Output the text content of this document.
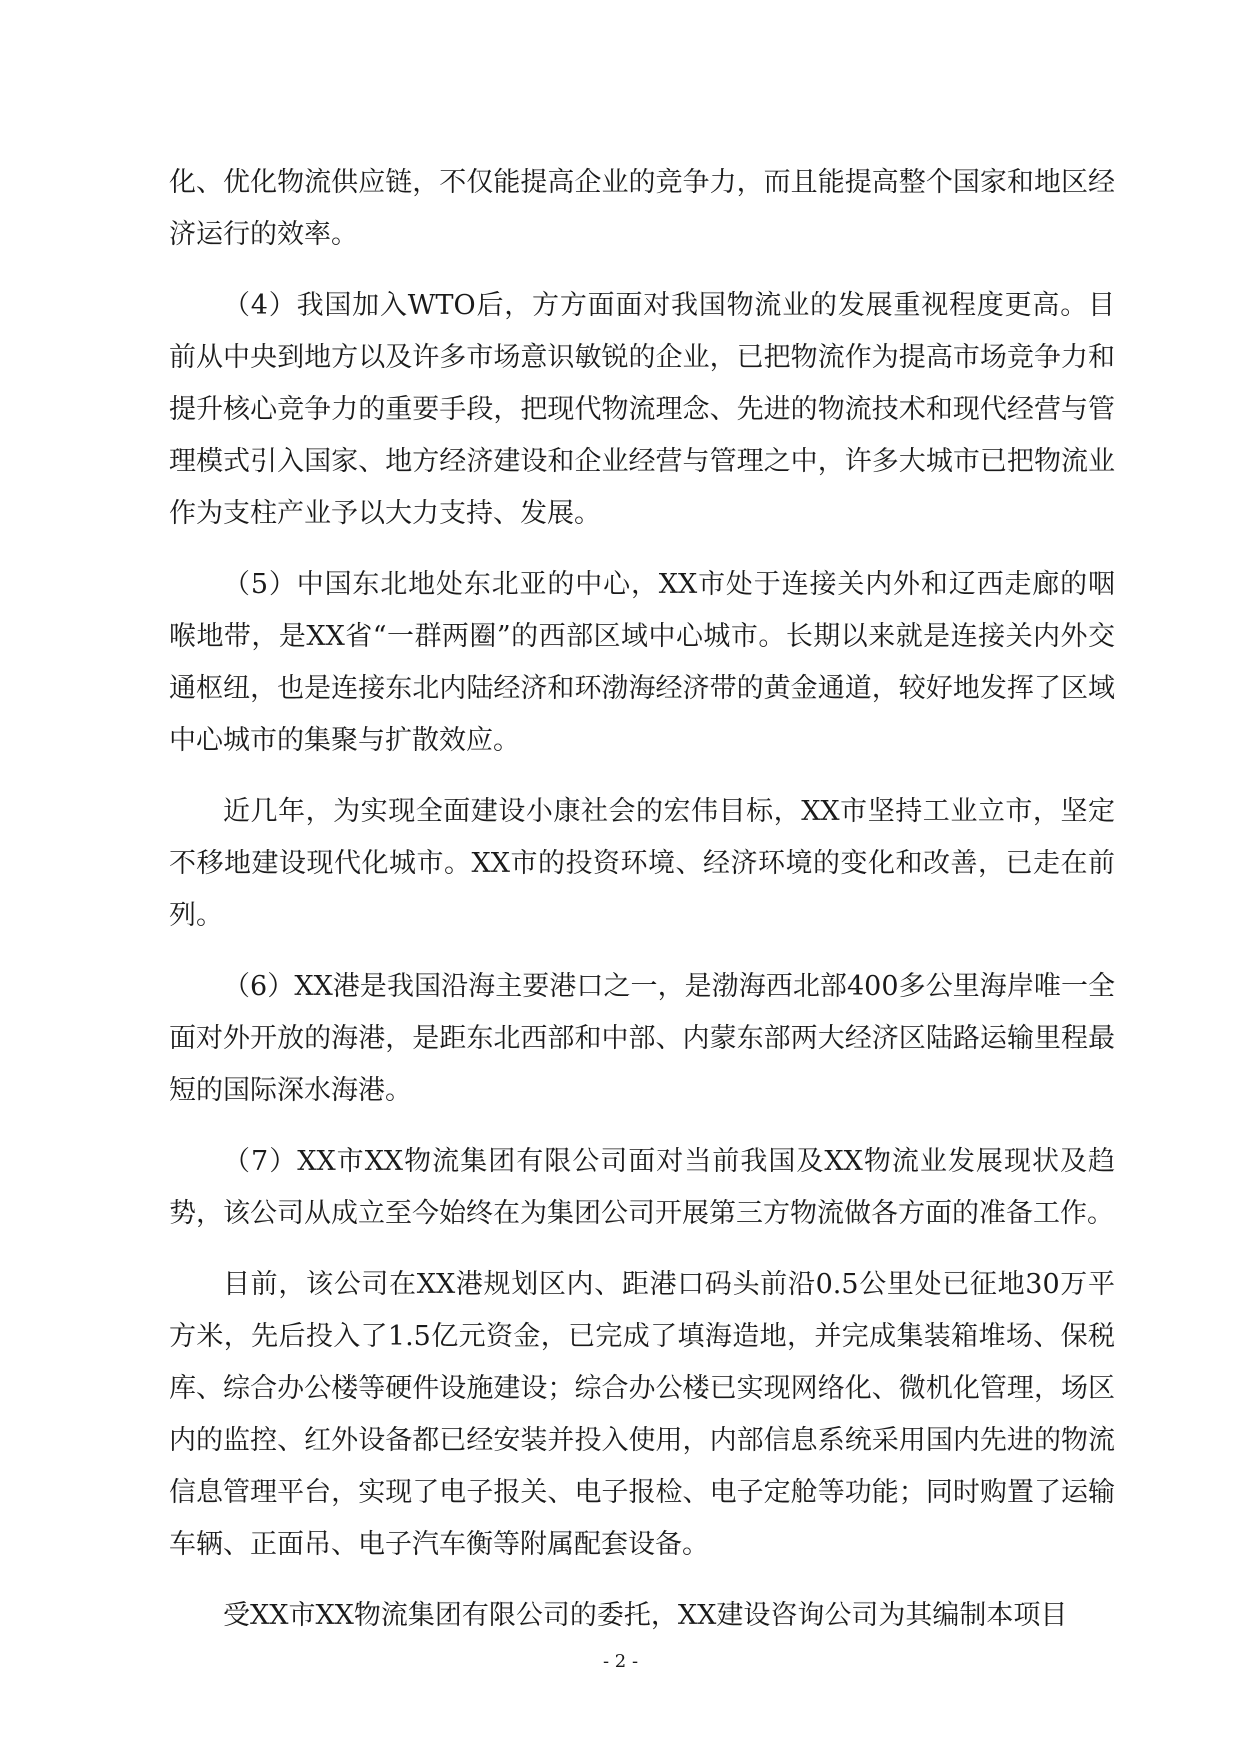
化、优化物流供应链，不仅能提高企业的竞争力，而且能提高整个国家和地区经济运行的效率。

（4）我国加入WTO后，方方面面对我国物流业的发展重视程度更高。目前从中央到地方以及许多市场意识敏锐的企业，已把物流作为提高市场竞争力和提升核心竞争力的重要手段，把现代物流理念、先进的物流技术和现代经营与管理模式引入国家、地方经济建设和企业经营与管理之中，许多大城市已把物流业作为支柱产业予以大力支持、发展。

（5）中国东北地处东北亚的中心，XX市处于连接关内外和辽西走廊的咽喉地带，是XX省“一群两圈”的西部区域中心城市。长期以来就是连接关内外交通枢纽，也是连接东北内陆经济和环渤海经济带的黄金通道，较好地发挥了区域中心城市的集聚与扩散效应。

近几年，为实现全面建设小康社会的宏伟目标，XX市坚持工业立市，坚定不移地建设现代化城市。XX市的投资环境、经济环境的变化和改善，已走在前列。

（6）XX港是我国沿海主要港口之一，是渤海西北部400多公里海岸唯一全面对外开放的海港，是距东北西部和中部、内蒙东部两大经济区陆路运输里程最短的国际深水海港。

（7）XX市XX物流集团有限公司面对当前我国及XX物流业发展现状及趋势，该公司从成立至今始终在为集团公司开展第三方物流做各方面的准备工作。

目前，该公司在XX港规划区内、距港口码头前沿0.5公里处已征地30万平方米，先后投入了1.5亿元资金，已完成了填海造地，并完成集装箱堆场、保税库、综合办公楼等硬件设施建设；综合办公楼已实现网络化、微机化管理，场区内的监控、红外设备都已经安装并投入使用，内部信息系统采用国内先进的物流信息管理平台，实现了电子报关、电子报检、电子定舱等功能；同时购置了运输车辆、正面吊、电子汽车衡等附属配套设备。

受XX市XX物流集团有限公司的委托，XX建设咨询公司为其编制本项目

- 2 -
